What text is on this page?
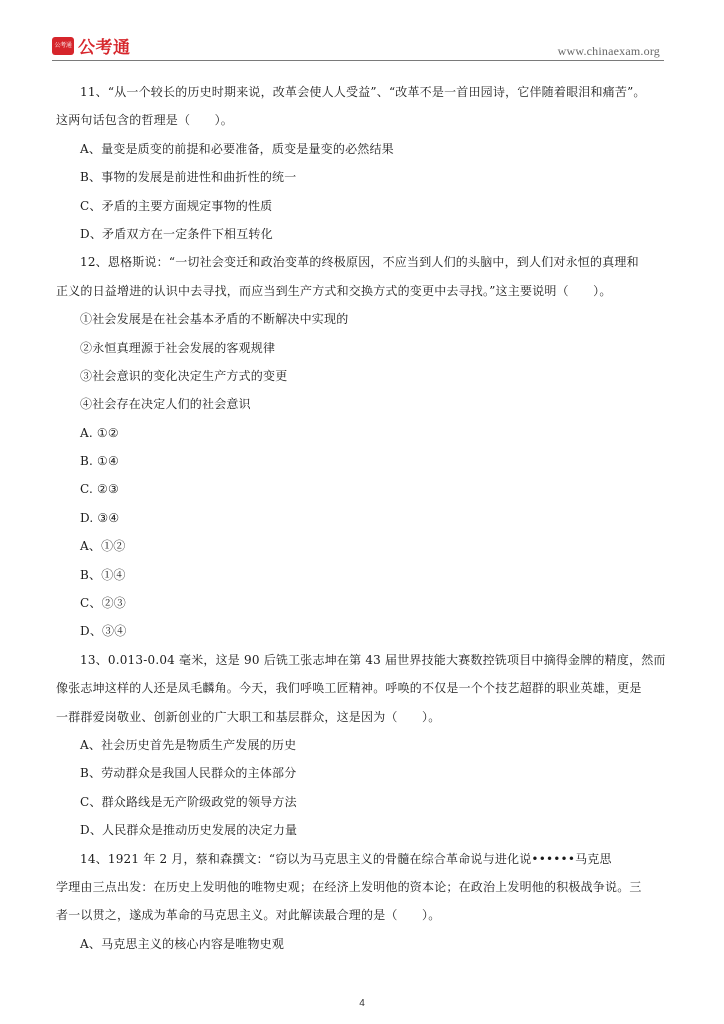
公考通 公考通	www.chinaexam.org
11、“从一个较长的历史时期来说，改革会使人人受益”、“改革不是一首田园诗，它伴随着眼泪和痛苦”。
这两句话包含的哲理是（　　）。
A、量变是质变的前提和必要准备，质变是量变的必然结果
B、事物的发展是前进性和曲折性的统一
C、矛盾的主要方面规定事物的性质
D、矛盾双方在一定条件下相互转化
12、恩格斯说：“一切社会变迁和政治变革的终极原因，不应当到人们的头脑中，到人们对永恒的真理和
正义的日益增进的认识中去寻找，而应当到生产方式和交换方式的变更中去寻找。”这主要说明（　　）。
①社会发展是在社会基本矛盾的不断解决中实现的
②永恒真理源于社会发展的客观规律
③社会意识的变化决定生产方式的变更
④社会存在决定人们的社会意识
A. ①②
B. ①④
C. ②③
D. ③④
A、①②
B、①④
C、②③
D、③④
13、0.013-0.04 毫米，这是 90 后铣工张志坤在第 43 届世界技能大赛数控铣项目中摘得金牌的精度，然而
像张志坤这样的人还是凤毛麟角。今天，我们呼唤工匠精神。呼唤的不仅是一个个技艺超群的职业英雄，更是
一群群爱岗敬业、创新创业的广大职工和基层群众，这是因为（　　）。
A、社会历史首先是物质生产发展的历史
B、劳动群众是我国人民群众的主体部分
C、群众路线是无产阶级政党的领导方法
D、人民群众是推动历史发展的决定力量
14、1921 年 2 月，蔡和森撰文：“窃以为马克思主义的骨髓在综合革命说与进化说••••••马克思
学理由三点出发：在历史上发明他的唯物史观；在经济上发明他的资本论；在政治上发明他的积极战争说。三
者一以贯之，遂成为革命的马克思主义。对此解读最合理的是（　　）。
A、马克思主义的核心内容是唯物史观
4
